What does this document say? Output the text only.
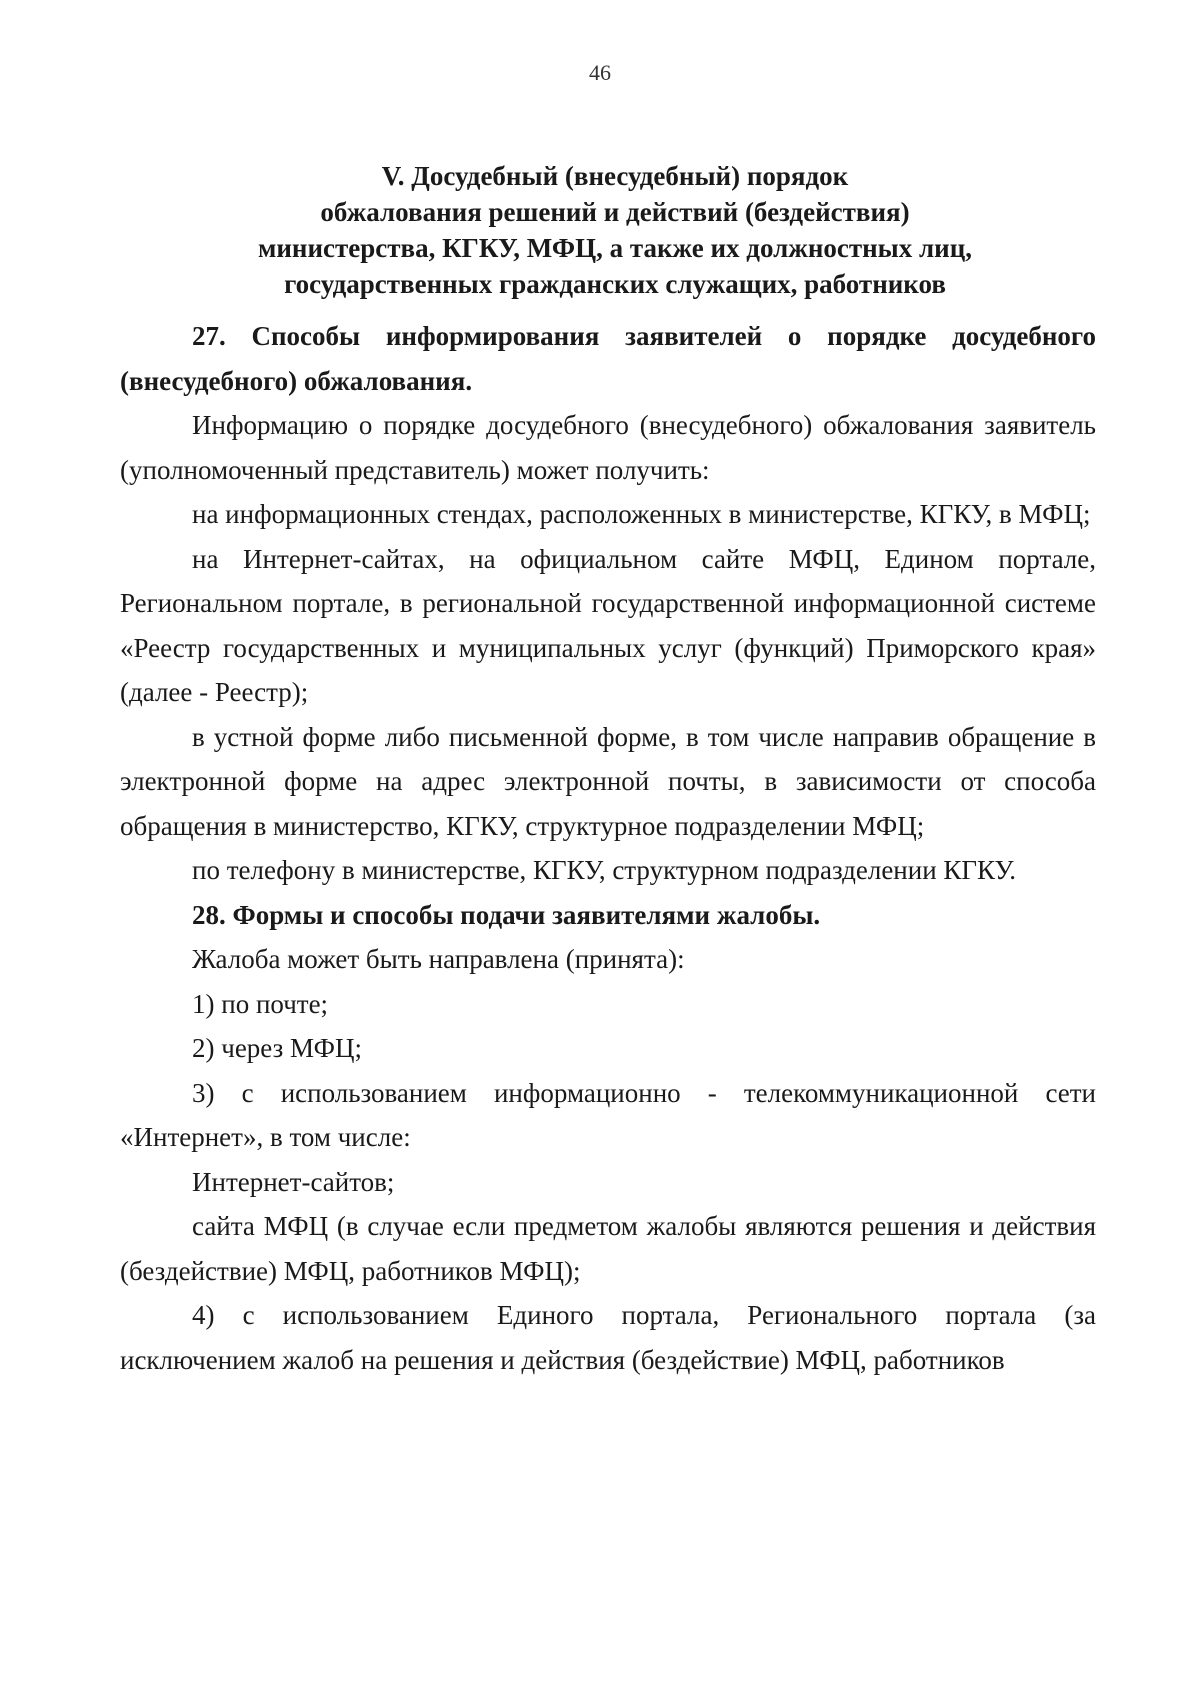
46
V. Досудебный (внесудебный) порядок
обжалования решений и действий (бездействия)
министерства, КГКУ, МФЦ, а также их должностных лиц,
государственных гражданских служащих, работников

27. Способы информирования заявителей о порядке досудебного (внесудебного) обжалования.

Информацию о порядке досудебного (внесудебного) обжалования заявитель (уполномоченный представитель) может получить:

на информационных стендах, расположенных в министерстве, КГКУ, в МФЦ;

на Интернет-сайтах, на официальном сайте МФЦ, Едином портале, Региональном портале, в региональной государственной информационной системе «Реестр государственных и муниципальных услуг (функций) Приморского края» (далее - Реестр);

в устной форме либо письменной форме, в том числе направив обращение в электронной форме на адрес электронной почты, в зависимости от способа обращения в министерство, КГКУ, структурное подразделении МФЦ;

по телефону в министерстве, КГКУ, структурном подразделении КГКУ.

28. Формы и способы подачи заявителями жалобы.

Жалоба может быть направлена (принята):

1) по почте;

2) через МФЦ;

3) с использованием информационно - телекоммуникационной сети «Интернет», в том числе:

Интернет-сайтов;

сайта МФЦ (в случае если предметом жалобы являются решения и действия (бездействие) МФЦ, работников МФЦ);

4) с использованием Единого портала, Регионального портала (за исключением жалоб на решения и действия (бездействие) МФЦ, работников
